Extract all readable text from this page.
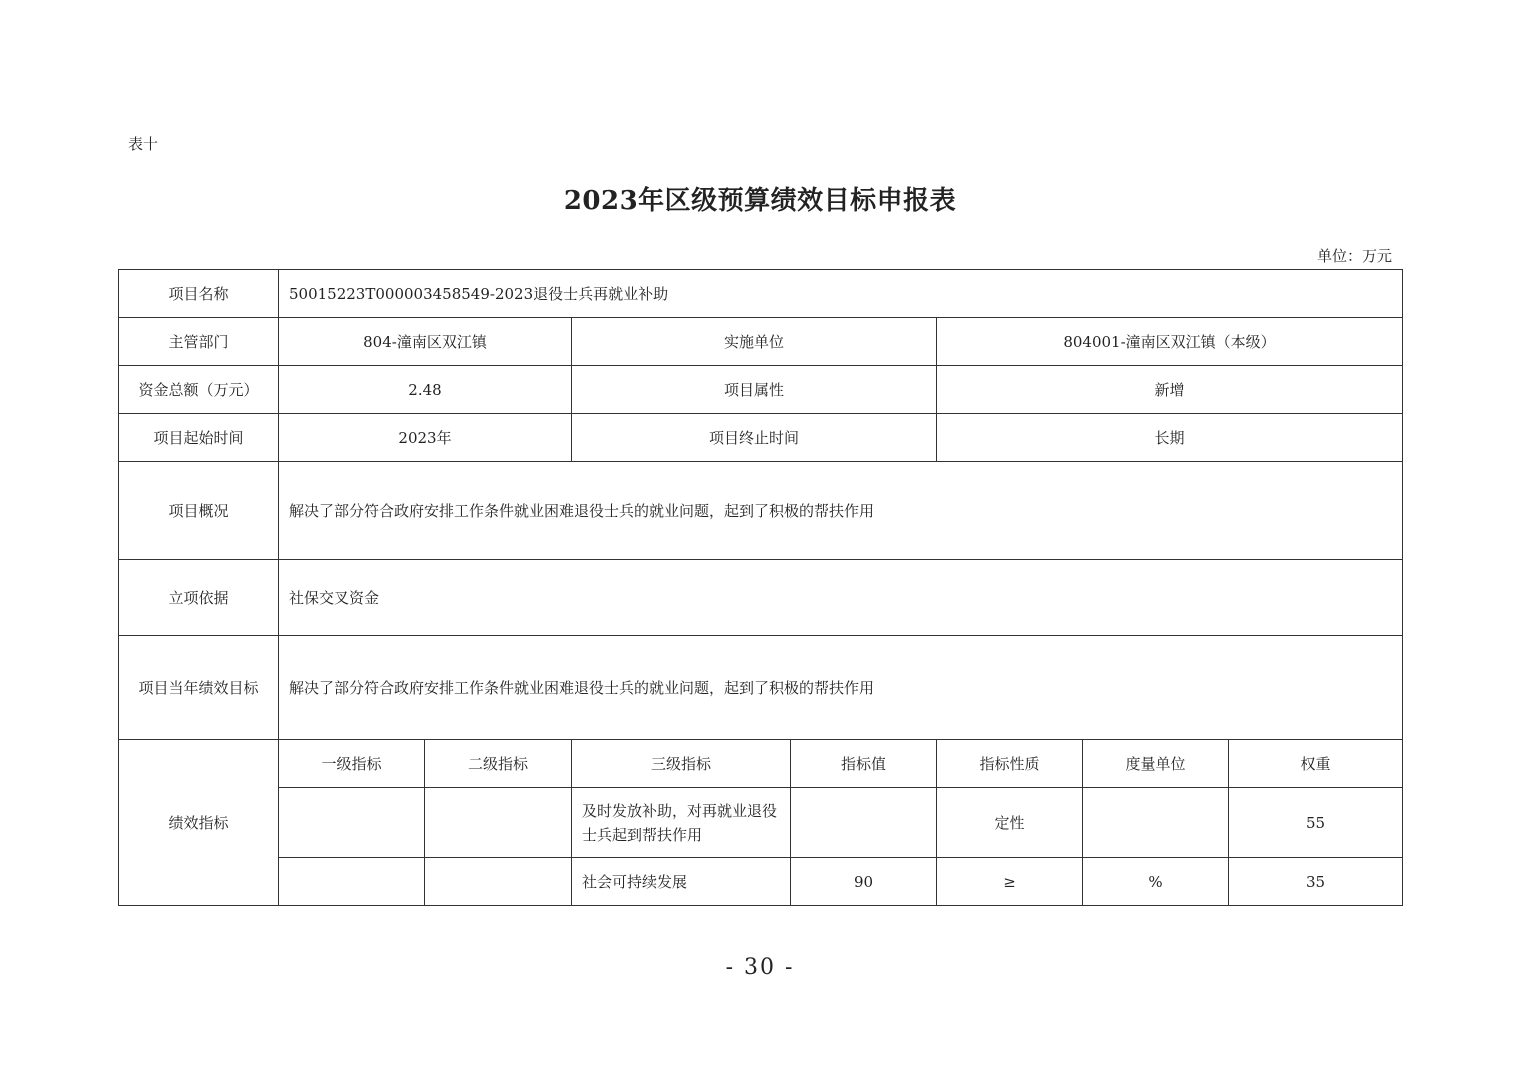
表十
2023年区级预算绩效目标申报表
单位：万元
项目名称	50015223T000003458549-2023退役士兵再就业补助						
主管部门	804-潼南区双江镇		实施单位		804001-潼南区双江镇（本级）		
资金总额（万元）	2.48		项目属性		新增		
项目起始时间	2023年		项目终止时间		长期		
项目概况	解决了部分符合政府安排工作条件就业困难退役士兵的就业问题，起到了积极的帮扶作用						
立项依据	社保交叉资金						
项目当年绩效目标	解决了部分符合政府安排工作条件就业困难退役士兵的就业问题，起到了积极的帮扶作用						
绩效指标	一级指标	二级指标	三级指标	指标值	指标性质	度量单位	权重
			及时发放补助，对再就业退役士兵起到帮扶作用		定性		55
			社会可持续发展	90	≥	%	35
- 30 -
